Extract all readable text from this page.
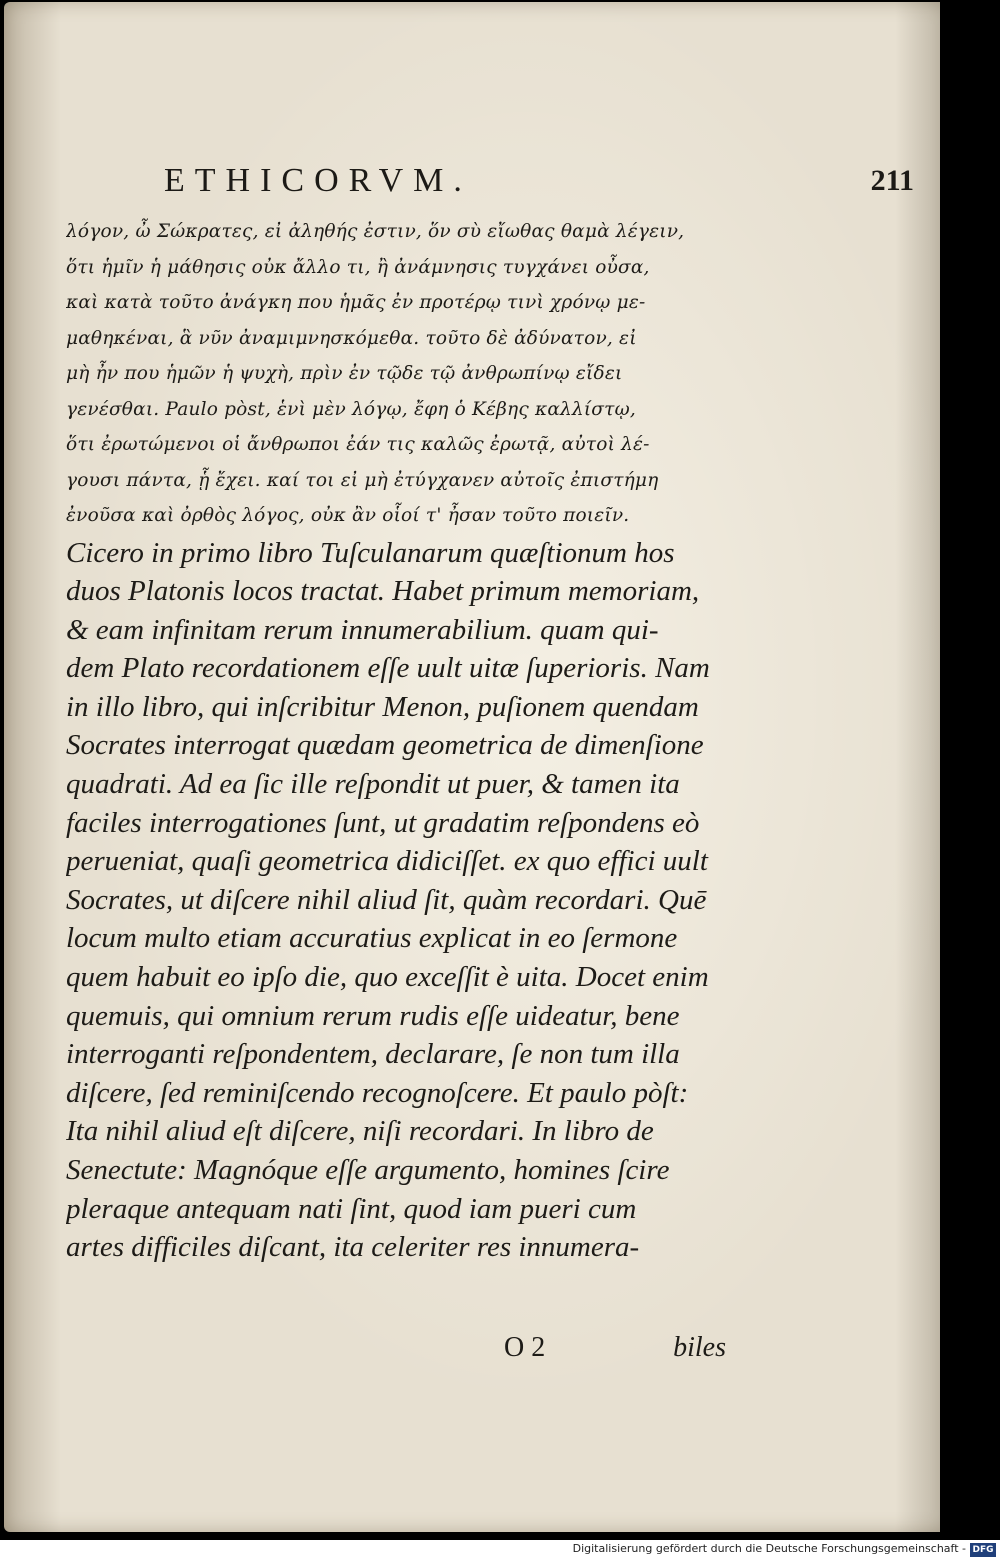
ETHICORVM.	211
λόγον, ὦ Σώκρατες, εἰ ἀληθής ἐστιν, ὅν σὺ εἴωθας θαμὰ λέγειν,
ὅτι ἡμῖν ἡ μάθησις οὐκ ἄλλο τι, ἢ ἀνάμνησις τυγχάνει οὖσα,
καὶ κατὰ τοῦτο ἀνάγκη που ἡμᾶς ἐν προτέρῳ τινὶ χρόνῳ με-
μαθηκέναι, ἃ νῦν ἀναμιμνησκόμεθα. τοῦτο δὲ ἀδύνατον, εἰ
μὴ ἦν που ἡμῶν ἡ ψυχὴ, πρὶν ἐν τῷδε τῷ ἀνθρωπίνῳ εἴδει
γενέσθαι. Paulo pòst, ἑνὶ μὲν λόγῳ, ἔφη ὁ Κέβης καλλίστῳ,
ὅτι ἐρωτώμενοι οἱ ἄνθρωποι ἐάν τις καλῶς ἐρωτᾷ, αὐτοὶ λέ-
γουσι πάντα, ᾗ ἔχει. καί τοι εἰ μὴ ἐτύγχανεν αὐτοῖς ἐπιστήμη
ἐνοῦσα καὶ ὀρθὸς λόγος, οὐκ ἂν οἷοί τ' ἦσαν τοῦτο ποιεῖν.
Cicero in primo libro Tuſculanarum quæſtionum hos
duos Platonis locos tractat. Habet primum memoriam,
& eam infinitam rerum innumerabilium. quam qui-
dem Plato recordationem eſſe uult uitæ ſuperioris. Nam
in illo libro, qui inſcribitur Menon, puſionem quendam
Socrates interrogat quædam geometrica de dimenſione
quadrati. Ad ea ſic ille reſpondit ut puer, & tamen ita
faciles interrogationes ſunt, ut gradatim reſpondens eò
perueniat, quaſi geometrica didiciſſet. ex quo effici uult
Socrates, ut diſcere nihil aliud ſit, quàm recordari. Quē
locum multo etiam accuratius explicat in eo ſermone
quem habuit eo ipſo die, quo exceſſit è uita. Docet enim
quemuis, qui omnium rerum rudis eſſe uideatur, bene
interroganti reſpondentem, declarare, ſe non tum illa
diſcere, ſed reminiſcendo recognoſcere. Et paulo pòſt:
Ita nihil aliud eſt diſcere, niſi recordari. In libro de
Senectute: Magnóque eſſe argumento, homines ſcire
pleraque antequam nati ſint, quod iam pueri cum
artes difficiles diſcant, ita celeriter res innumera-
O 2	biles
Digitalisierung gefördert durch die Deutsche Forschungsgemeinschaft - DFG
